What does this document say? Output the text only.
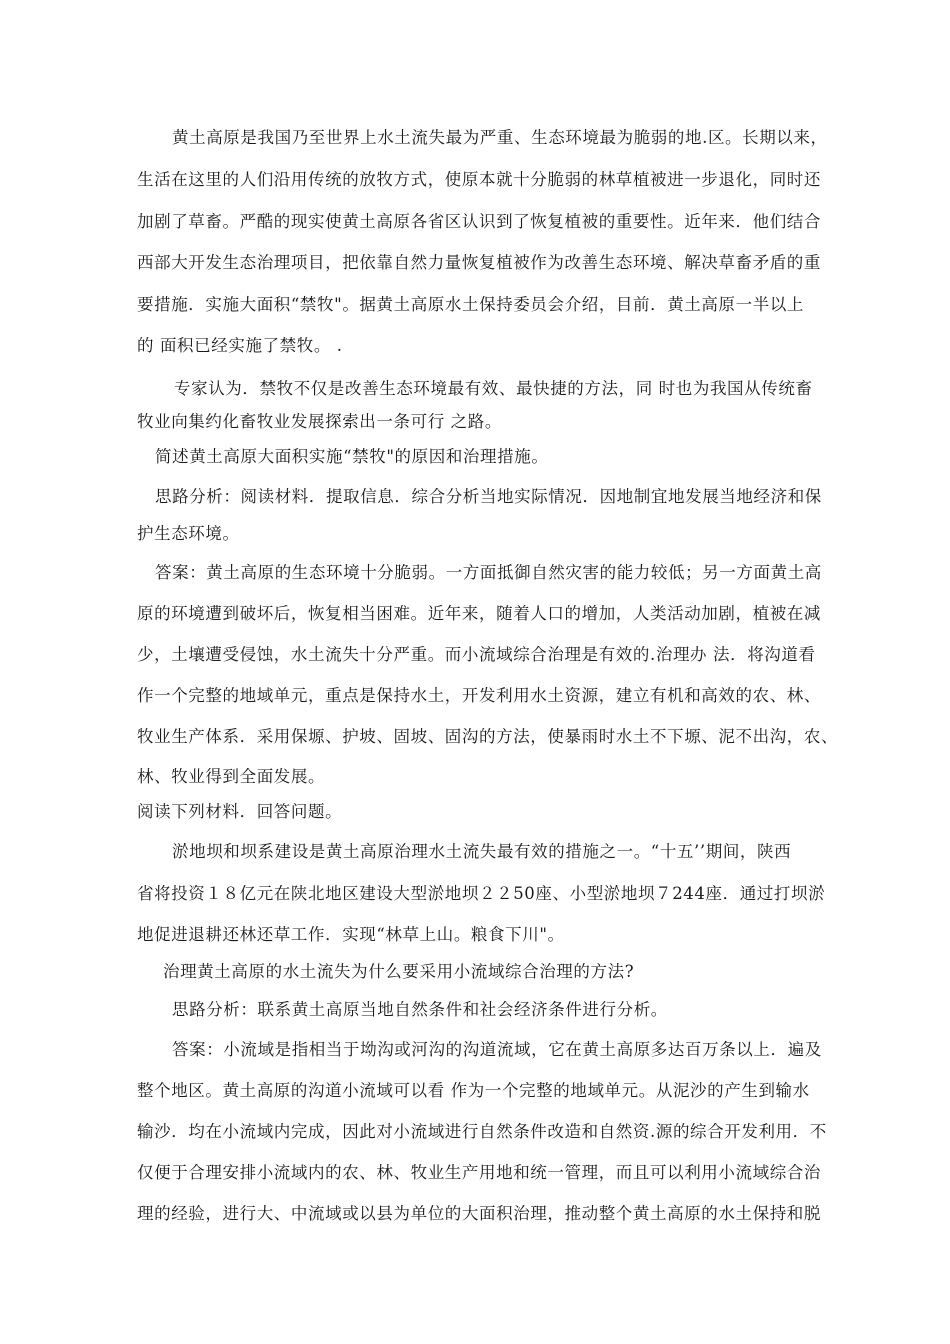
黄土高原是我国乃至世界上水土流失最为严重、生态环境最为脆弱的地.区。长期以来，
生活在这里的人们沿用传统的放牧方式，使原本就十分脆弱的林草植被进一步退化，同时还
加剧了草畜。严酷的现实使黄土高原各省区认识到了恢复植被的重要性。近年来．他们结合
西部大开发生态治理项目，把依靠自然力量恢复植被作为改善生态环境、解决草畜矛盾的重
要措施．实施大面积“禁牧"。据黄土高原水土保持委员会介绍，目前．黄土高原一半以上
的 面积已经实施了禁牧。 .
专家认为．禁牧不仅是改善生态环境最有效、最快捷的方法，同 时也为我国从传统畜
牧业向集约化畜牧业发展探索出一条可行 之路。
简述黄土高原大面积实施“禁牧"的原因和治理措施。
思路分析：阅读材料．提取信息．综合分析当地实际情况．因地制宜地发展当地经济和保
护生态环境。
答案：黄土高原的生态环境十分脆弱。一方面抵御自然灾害的能力较低；另一方面黄土高
原的环境遭到破坏后，恢复相当困难。近年来，随着人口的增加，人类活动加剧，植被在减
少，土壤遭受侵蚀，水土流失十分严重。而小流域综合治理是有效的.治理办 法．将沟道看
作一个完整的地域单元，重点是保持水土，开发利用水土资源，建立有机和高效的农、林、
牧业生产体系．采用保塬、护坡、固坡、固沟的方法，使暴雨时水土不下塬、泥不出沟，农、
林、牧业得到全面发展。
阅读下列材料．回答问题。
淤地坝和坝系建设是黄土高原治理水土流失最有效的措施之一。“十五’’期间，陕西
省将投资１８亿元在陕北地区建设大型淤地坝２２50座、小型淤地坝７244座．通过打坝淤
地促进退耕还林还草工作．实现“林草上山。粮食下川"。
治理黄土高原的水土流失为什么要采用小流域综合治理的方法?
思路分析：联系黄土高原当地自然条件和社会经济条件进行分析。
答案：小流域是指相当于坳沟或河沟的沟道流域，它在黄土高原多达百万条以上．遍及
整个地区。黄土高原的沟道小流域可以看 作为一个完整的地域单元。从泥沙的产生到输水
输沙．均在小流域内完成，因此对小流域进行自然条件改造和自然资.源的综合开发利用．不
仅便于合理安排小流域内的农、林、牧业生产用地和统一管理，而且可以利用小流域综合治
理的经验，进行大、中流域或以县为单位的大面积治理，推动整个黄土高原的水土保持和脱
